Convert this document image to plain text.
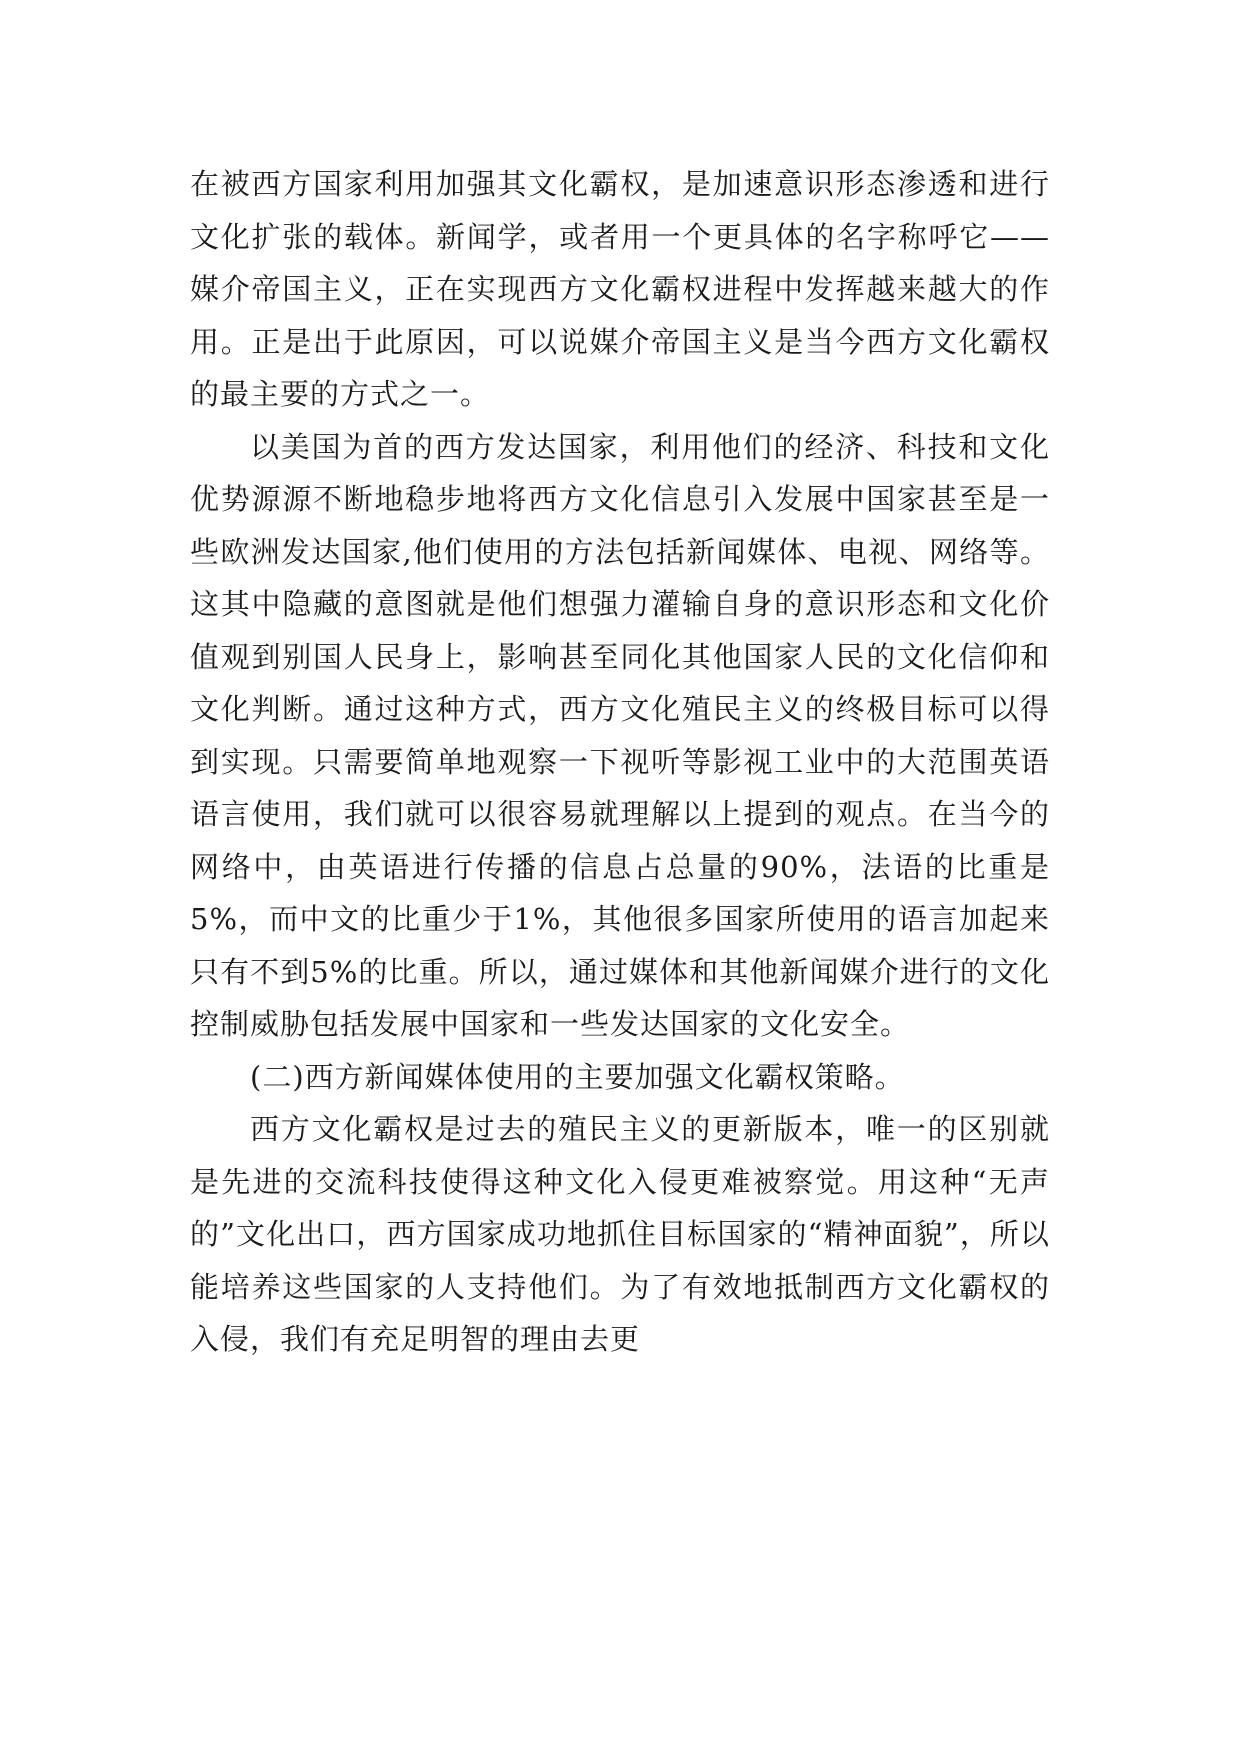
在被西方国家利用加强其文化霸权，是加速意识形态渗透和进行文化扩张的载体。新闻学，或者用一个更具体的名字称呼它——媒介帝国主义，正在实现西方文化霸权进程中发挥越来越大的作用。正是出于此原因，可以说媒介帝国主义是当今西方文化霸权的最主要的方式之一。

以美国为首的西方发达国家，利用他们的经济、科技和文化优势源源不断地稳步地将西方文化信息引入发展中国家甚至是一些欧洲发达国家,他们使用的方法包括新闻媒体、电视、网络等。这其中隐藏的意图就是他们想强力灌输自身的意识形态和文化价值观到别国人民身上，影响甚至同化其他国家人民的文化信仰和文化判断。通过这种方式，西方文化殖民主义的终极目标可以得到实现。只需要简单地观察一下视听等影视工业中的大范围英语语言使用，我们就可以很容易就理解以上提到的观点。在当今的网络中，由英语进行传播的信息占总量的90%，法语的比重是5%，而中文的比重少于1%，其他很多国家所使用的语言加起来只有不到5%的比重。所以，通过媒体和其他新闻媒介进行的文化控制威胁包括发展中国家和一些发达国家的文化安全。

(二)西方新闻媒体使用的主要加强文化霸权策略。

西方文化霸权是过去的殖民主义的更新版本，唯一的区别就是先进的交流科技使得这种文化入侵更难被察觉。用这种“无声的”文化出口，西方国家成功地抓住目标国家的“精神面貌”，所以能培养这些国家的人支持他们。为了有效地抵制西方文化霸权的入侵，我们有充足明智的理由去更
